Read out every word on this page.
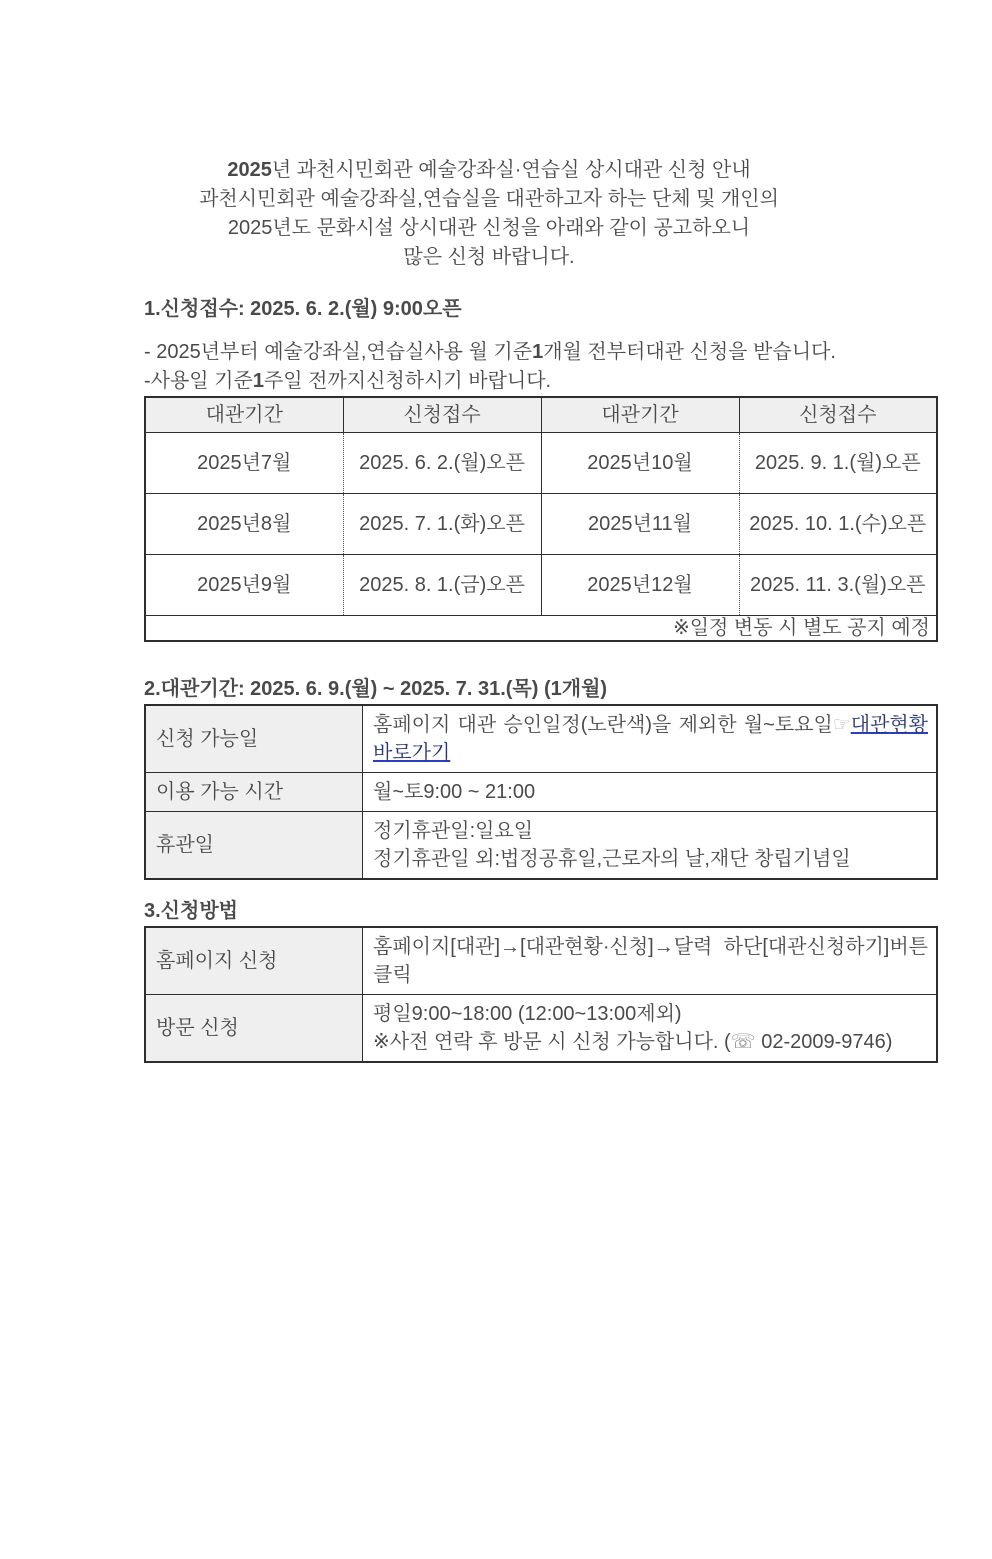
2025년 과천시민회관 예술강좌실·연습실 상시대관 신청 안내
과천시민회관 예술강좌실,연습실을 대관하고자 하는 단체 및 개인의
2025년도 문화시설 상시대관 신청을 아래와 같이 공고하오니
많은 신청 바랍니다.
1.신청접수: 2025. 6. 2.(월) 9:00오픈
- 2025년부터 예술강좌실,연습실사용 월 기준1개월 전부터대관 신청을 받습니다.
-사용일 기준1주일 전까지신청하시기 바랍니다.
대관기간	신청접수	대관기간	신청접수
2025년7월	2025. 6. 2.(월)오픈	2025년10월	2025. 9. 1.(월)오픈
2025년8월	2025. 7. 1.(화)오픈	2025년11월	2025. 10. 1.(수)오픈
2025년9월	2025. 8. 1.(금)오픈	2025년12월	2025. 11. 3.(월)오픈
※일정 변동 시 별도 공지 예정			
2.대관기간: 2025. 6. 9.(월) ~ 2025. 7. 31.(목) (1개월)
신청 가능일	홈페이지 대관 승인일정(노란색)을 제외한 월~토요일☞대관현황 바로가기

이용 가능 시간	월~토9:00 ~ 21:00

휴관일	정기휴관일:일요일
정기휴관일 외:법정공휴일,근로자의 날,재단 창립기념일
3.신청방법
홈페이지 신청	홈페이지[대관]→[대관현황·신청]→달력 하단[대관신청하기]버튼 클릭

방문 신청	평일9:00~18:00 (12:00~13:00제외)
※사전 연락 후 방문 시 신청 가능합니다. (☏ 02-2009-9746)
